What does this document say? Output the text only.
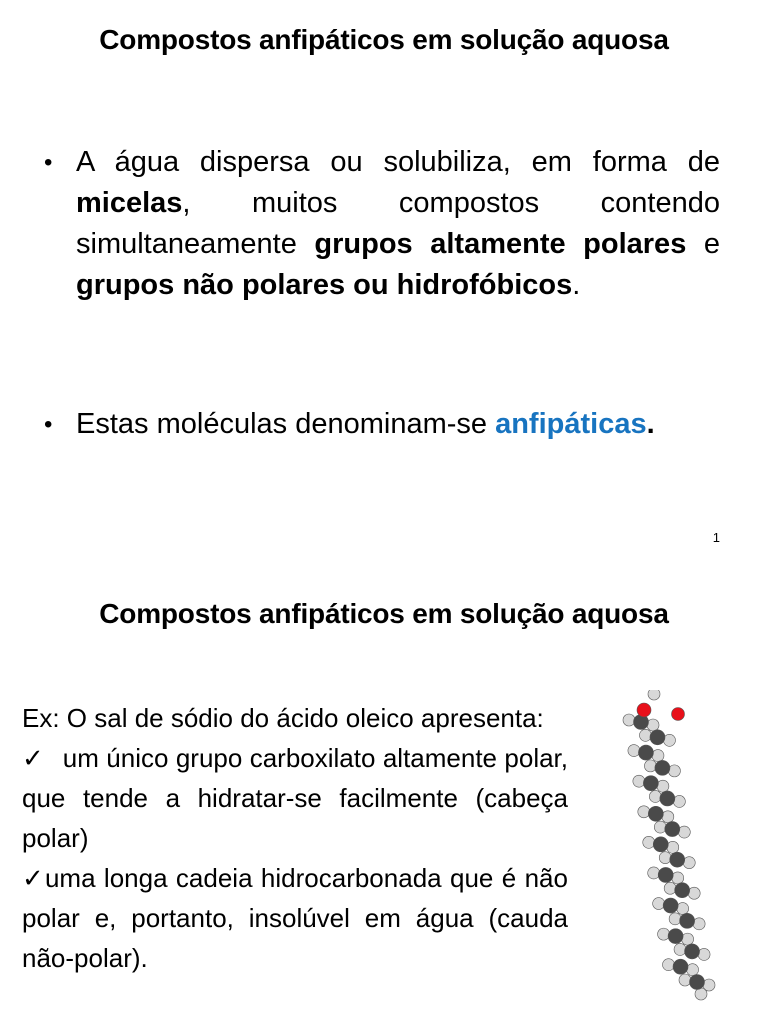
Compostos anfipáticos em solução aquosa
• A água dispersa ou solubiliza, em forma de micelas, muitos compostos contendo simultaneamente grupos altamente polares e grupos não polares ou hidrofóbicos.
• Estas moléculas denominam-se anfipáticas.
1
Compostos anfipáticos em solução aquosa

Ex: O sal de sódio do ácido oleico apresenta:

✓  um único grupo carboxilato altamente polar, que tende a hidratar-se facilmente (cabeça polar)

✓uma longa cadeia hidrocarbonada que é não polar e, portanto, insolúvel em água (cauda não-polar).
